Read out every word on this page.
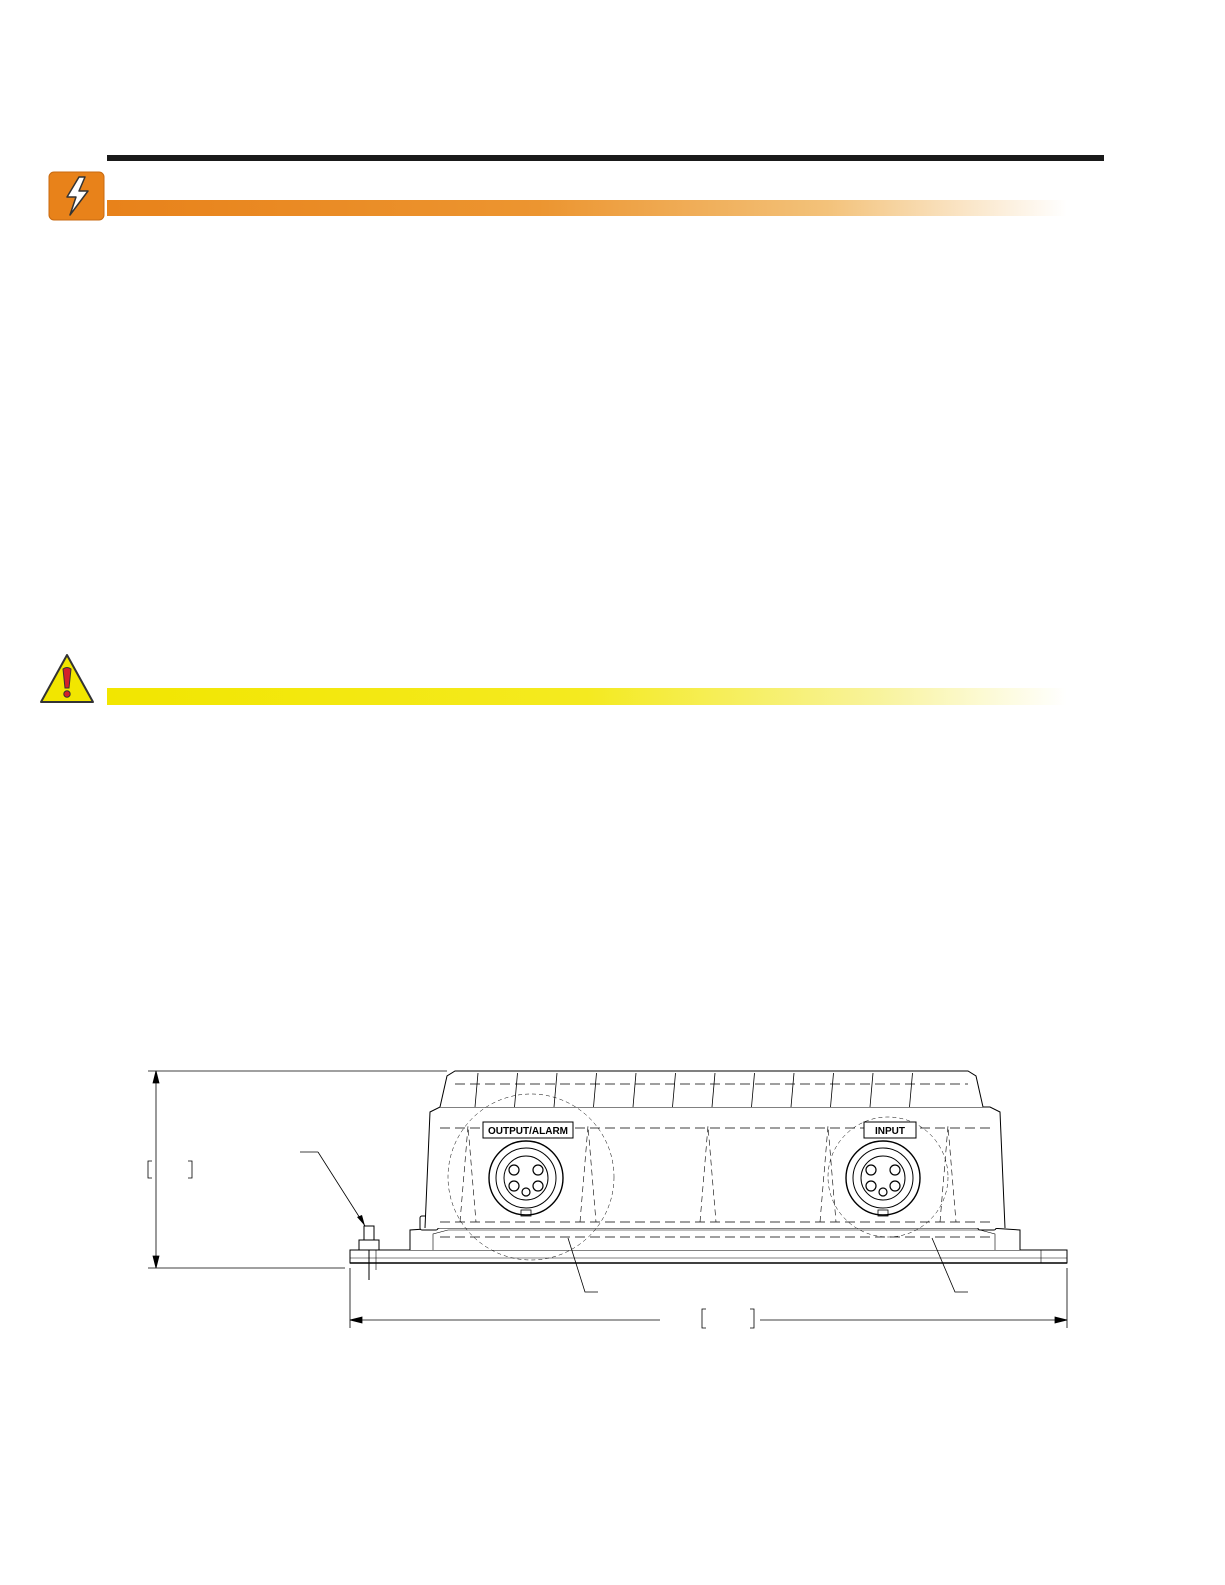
OUTPUT/ALARM	INPUT
